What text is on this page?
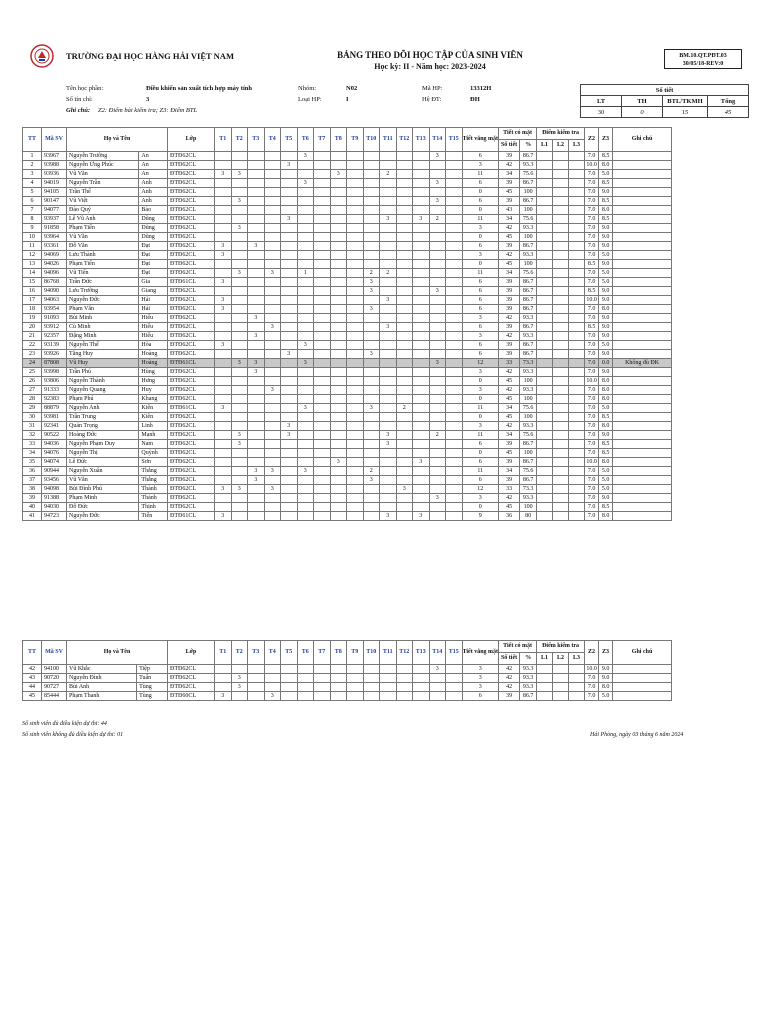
TRƯỜNG ĐẠI HỌC HÀNG HẢI VIỆT NAM	BẢNG THEO DÕI HỌC TẬP CỦA SINH VIÊN
Học kỳ: II - Năm học: 2023-2024
BM.10.QT.PĐT.03
30/05/18-REV:0
Tên học phần:	Điều khiển sản xuất tích hợp máy tính
Số tín chỉ:	3
Ghi chú: Z2: Điểm bài kiểm tra; Z3: Điểm BTL
Nhóm:	N02
Loại HP:	I
Mã HP:	13312H
Hệ ĐT:	ĐH
Số tiết			
LT	TH	BTL/TKMH	Tổng
30	0	15	45
TT	Mã SV	Họ và Tên		Lớp	T1	T2	T3	T4	T5	T6	T7	T8	T9	T10	T11	T12	T13	T14	T15	Tiết vắng mặt	Tiết có mặt		Điểm kiểm tra			Z2	Z3	Ghi chú
																					Số tiết	%	L1	L2	L3			
1	93967	Nguyễn Trường	An	ĐTĐ62CL						3								3		6	39	86.7				7.0	8.5	
2	93988	Nguyễn Ứng Phúc	An	ĐTĐ62CL					3											3	42	93.3				10.0	8.0	
3	93936	Vũ Văn	An	ĐTĐ62CL	3	3						3			2					11	34	75.6				7.0	5.0	
4	94019	Nguyễn Trần	Anh	ĐTĐ62CL						3								3		6	39	86.7				7.0	8.5	
5	94105	Trần Thế	Anh	ĐTĐ62CL																0	45	100				7.0	9.0	
6	90147	Vũ Việt	Anh	ĐTĐ62CL		3												3		6	39	86.7				7.0	8.5	
7	94077	Đào Quý	Bảo	ĐTĐ62CL																0	43	100				7.0	8.0	
8	93937	Lê Vũ Anh	Dũng	ĐTĐ62CL					3						3		3	2		11	34	75.6				7.0	8.5	
9	91858	Phạm Tiến	Dũng	ĐTĐ62CL		3														3	42	93.3				7.0	9.0	
10	93964	Vũ Văn	Dũng	ĐTĐ62CL																0	45	100				7.0	9.0	
11	93361	Đỗ Văn	Đạt	ĐTĐ62CL	3		3													6	39	86.7				7.0	9.0	
12	94069	Lưu Thành	Đạt	ĐTĐ62CL	3															3	42	93.3				7.0	5.0	
13	94026	Phạm Tiến	Đạt	ĐTĐ62CL																0	45	100				8.5	9.0	
14	94096	Vũ Tiến	Đạt	ĐTĐ62CL		3		3		1				2	2					11	34	75.6				7.0	5.0	
15	86768	Trần Đức	Gia	ĐTĐ61CL	3									3						6	39	86.7				7.0	5.0	
16	94090	Lưu Trường	Giang	ĐTĐ62CL										3				3		6	39	86.7				8.5	9.0	
17	94063	Nguyễn Đức	Hải	ĐTĐ62CL	3										3					6	39	86.7				10.0	9.0	
18	93954	Phạm Văn	Hải	ĐTĐ62CL	3									3						6	39	86.7				7.0	8.0	
19	91093	Bùi Minh	Hiếu	ĐTĐ62CL			3													3	42	93.3				7.0	9.0	
20	93912	Cù Minh	Hiếu	ĐTĐ62CL				3							3					6	39	86.7				8.5	9.0	
21	92357	Đặng Minh	Hiếu	ĐTĐ62CL			3													3	42	93.3				7.0	9.0	
22	93139	Nguyễn Thế	Hòa	ĐTĐ62CL	3					3										6	39	86.7				7.0	5.0	
23	93926	Tăng Huy	Hoàng	ĐTĐ62CL					3					3						6	39	86.7				7.0	9.0	
24	87808	Vũ Huy	Hoàng	ĐTĐ61CL		3	3			3								3		12	33	73.3				7.0	0.0	Không đủ ĐK
25	93998	Trần Phú	Hùng	ĐTĐ62CL			3													3	42	93.3				7.0	9.0	
26	93806	Nguyễn Thành	Hưng	ĐTĐ62CL																0	45	100				10.0	8.0	
27	91333	Nguyễn Quang	Huy	ĐTĐ62CL				3												3	42	93.3				7.0	8.0	
28	92383	Phạm Phú	Khang	ĐTĐ62CL																0	45	100				7.0	8.0	
29	88879	Nguyễn Anh	Kiên	ĐTĐ61CL	3					3				3		2				11	34	75.6				7.0	5.0	
30	93981	Trần Trung	Kiên	ĐTĐ62CL																0	45	100				7.0	8.5	
31	92341	Quản Trọng	Linh	ĐTĐ62CL					3											3	42	93.3				7.0	8.0	
32	90522	Hoàng Đức	Mạnh	ĐTĐ62CL		3			3						3			2		11	34	75.6				7.0	9.0	
33	94036	Nguyễn Phạm Duy	Nam	ĐTĐ62CL		3									3					6	39	86.7				7.0	8.5	
34	94076	Nguyễn Thị	Quỳnh	ĐTĐ62CL																0	45	100				7.0	8.5	
35	94074	Lê Đức	Sơn	ĐTĐ62CL								3					3			6	39	86.7				10.0	8.0	
36	90944	Nguyễn Xuân	Thắng	ĐTĐ62CL			3	3		3				2						11	34	75.6				7.0	5.0	
37	93456	Vũ Văn	Thắng	ĐTĐ62CL			3							3						6	39	86.7				7.0	5.0	
38	94098	Bùi Đình Phú	Thành	ĐTĐ62CL	3	3		3								3				12	33	73.3				7.0	5.0	
39	91388	Phạm Minh	Thành	ĐTĐ62CL														3		3	42	93.3				7.0	9.0	
40	94030	Đỗ Đức	Thịnh	ĐTĐ62CL																0	45	100				7.0	8.5	
41	94723	Nguyễn Đức	Tiến	ĐTĐ61CL	3										3		3			9	36	80				7.0	8.0	
TT	Mã SV	Họ và Tên		Lớp	T1	T2	T3	T4	T5	T6	T7	T8	T9	T10	T11	T12	T13	T14	T15	Tiết vắng mặt	Tiết có mặt		Điểm kiểm tra			Z2	Z3	Ghi chú
																					Số tiết	%	L1	L2	L3			
42	94100	Vũ Khắc	Tiệp	ĐTĐ62CL														3		3	42	93.3				10.0	9.0	
43	90720	Nguyễn Đình	Tuấn	ĐTĐ62CL		3														3	42	93.3				7.0	9.0	
44	90727	Bùi Anh	Tùng	ĐTĐ62CL		3														3	42	93.3				7.0	8.0	
45	85444	Phạm Thanh	Tùng	ĐTĐ60CL	3			3												6	39	86.7				7.0	5.0	
Số sinh viên đủ điều kiện dự thi: 44
Số sinh viên không đủ điều kiện dự thi: 01	Hải Phòng, ngày 03 tháng 6 năm 2024
